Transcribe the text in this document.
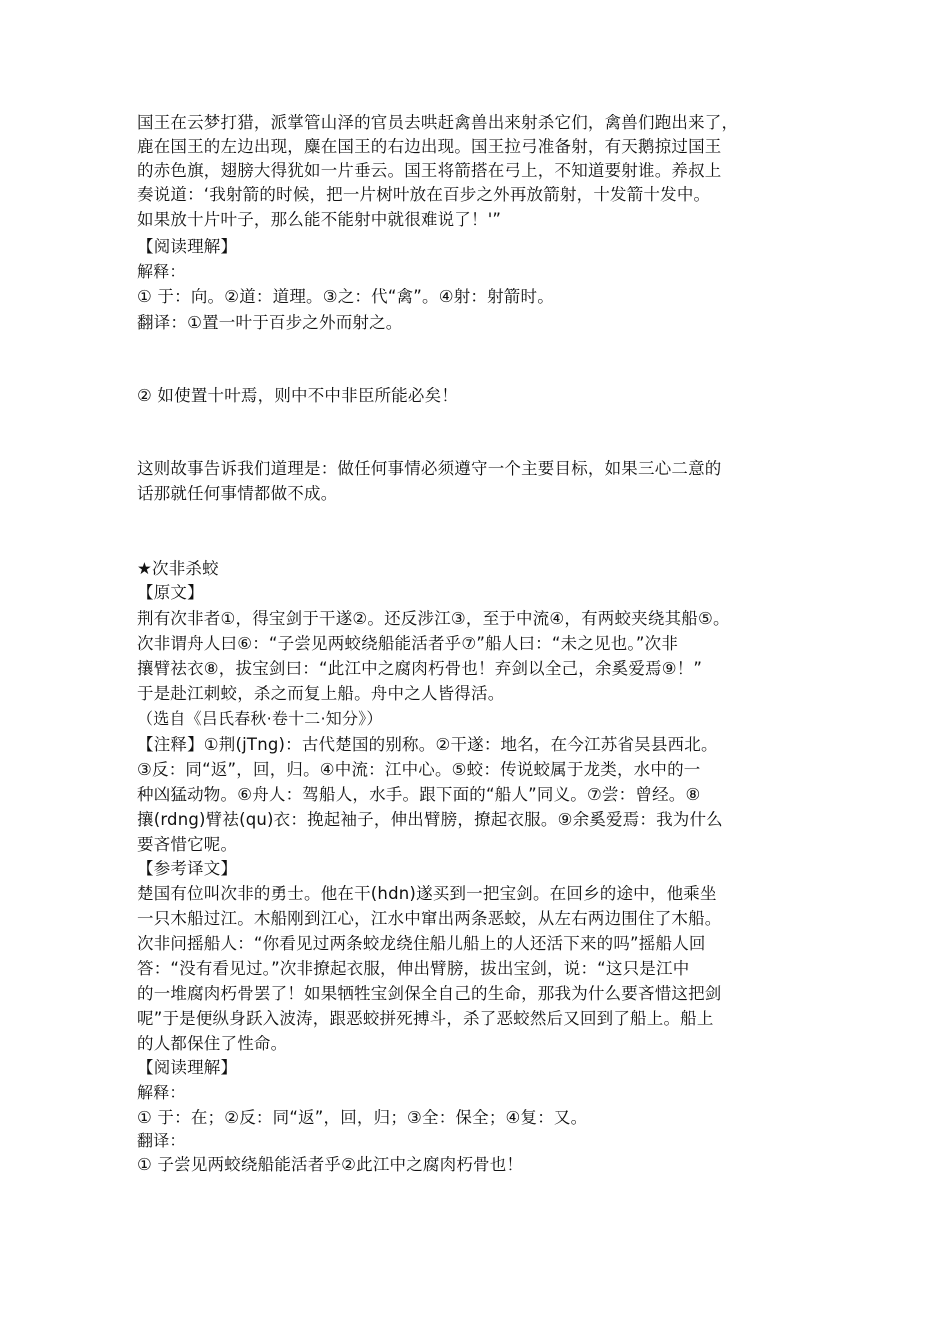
国王在云梦打猎，派掌管山泽的官员去哄赶禽兽出来射杀它们，禽兽们跑出来了，

鹿在国王的左边出现，麋在国王的右边出现。国王拉弓准备射，有天鹅掠过国王

的赤色旗，翅膀大得犹如一片垂云。国王将箭搭在弓上，不知道要射谁。养叔上

奏说道：‘我射箭的时候，把一片树叶放在百步之外再放箭射，十发箭十发中。

如果放十片叶子，那么能不能射中就很难说了！'”

【阅读理解】

解释：

① 于：向。②道：道理。③之：代“禽”。④射：射箭时。

翻译：①置一叶于百步之外而射之。

② 如使置十叶焉，则中不中非臣所能必矣！

这则故事告诉我们道理是：做任何事情必须遵守一个主要目标，如果三心二意的

话那就任何事情都做不成。

★次非杀蛟

【原文】

荆有次非者①，得宝剑于干遂②。还反涉江③，至于中流④，有两蛟夹绕其船⑤。

次非谓舟人曰⑥：“子尝见两蛟绕船能活者乎⑦”船人曰：“未之见也。”次非

攘臂祛衣⑧，拔宝剑曰：“此江中之腐肉朽骨也！弃剑以全己，余奚爱焉⑨！”

于是赴江刺蛟，杀之而复上船。舟中之人皆得活。

（选自《吕氏春秋·卷十二·知分》）

【注释】①荆(jTng)：古代楚国的别称。②干遂：地名，在今江苏省吴县西北。

③反：同“返”，回，归。④中流：江中心。⑤蛟：传说蛟属于龙类，水中的一

种凶猛动物。⑥舟人：驾船人，水手。跟下面的“船人”同义。⑦尝：曾经。⑧

攘(rdng)臂祛(qu)衣：挽起袖子，伸出臂膀，撩起衣服。⑨余奚爱焉：我为什么

要吝惜它呢。

【参考译文】

楚国有位叫次非的勇士。他在干(hdn)遂买到一把宝剑。在回乡的途中，他乘坐

一只木船过江。木船刚到江心，江水中窜出两条恶蛟，从左右两边围住了木船。

次非问摇船人：“你看见过两条蛟龙绕住船儿船上的人还活下来的吗”摇船人回

答：“没有看见过。”次非撩起衣服，伸出臂膀，拔出宝剑，说：“这只是江中

的一堆腐肉朽骨罢了！如果牺牲宝剑保全自己的生命，那我为什么要吝惜这把剑

呢”于是便纵身跃入波涛，跟恶蛟拼死搏斗，杀了恶蛟然后又回到了船上。船上

的人都保住了性命。

【阅读理解】

解释：

① 于：在；②反：同“返”，回，归；③全：保全；④复：又。

翻译：

① 子尝见两蛟绕船能活者乎②此江中之腐肉朽骨也！
